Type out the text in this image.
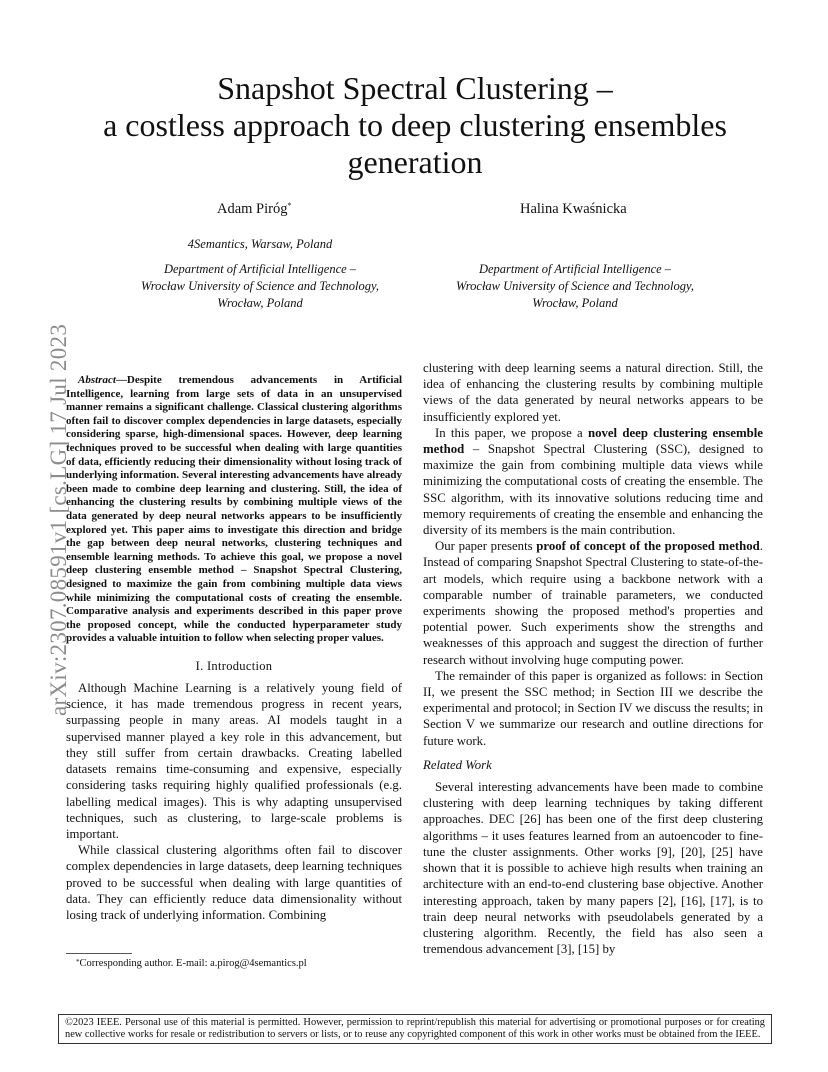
arXiv:2307.08591v1 [cs.LG] 17 Jul 2023
Snapshot Spectral Clustering –
a costless approach to deep clustering ensembles
generation
Adam Piróg*	Halina Kwaśnicka
4Semantics, Warsaw, Poland
Department of Artificial Intelligence –
Wrocław University of Science and Technology,
Wrocław, Poland
Department of Artificial Intelligence –
Wrocław University of Science and Technology,
Wrocław, Poland

Abstract—Despite tremendous advancements in Artificial Intelligence, learning from large sets of data in an unsupervised manner remains a significant challenge. Classical clustering algorithms often fail to discover complex dependencies in large datasets, especially considering sparse, high-dimensional spaces. However, deep learning techniques proved to be successful when dealing with large quantities of data, efficiently reducing their dimensionality without losing track of underlying information. Several interesting advancements have already been made to combine deep learning and clustering. Still, the idea of enhancing the clustering results by combining multiple views of the data generated by deep neural networks appears to be insufficiently explored yet. This paper aims to investigate this direction and bridge the gap between deep neural networks, clustering techniques and ensemble learning methods. To achieve this goal, we propose a novel deep clustering ensemble method – Snapshot Spectral Clustering, designed to maximize the gain from combining multiple data views while minimizing the computational costs of creating the ensemble. Comparative analysis and experiments described in this paper prove the proposed concept, while the conducted hyperparameter study provides a valuable intuition to follow when selecting proper values.

I. Introduction

Although Machine Learning is a relatively young field of science, it has made tremendous progress in recent years, surpassing people in many areas. AI models taught in a supervised manner played a key role in this advancement, but they still suffer from certain drawbacks. Creating labelled datasets remains time-consuming and expensive, especially considering tasks requiring highly qualified professionals (e.g. labelling medical images). This is why adapting unsupervised techniques, such as clustering, to large-scale problems is important.

While classical clustering algorithms often fail to discover complex dependencies in large datasets, deep learning techniques proved to be successful when dealing with large quantities of data. They can efficiently reduce data dimensionality without losing track of underlying information. Combining

clustering with deep learning seems a natural direction. Still, the idea of enhancing the clustering results by combining multiple views of the data generated by neural networks appears to be insufficiently explored yet.

In this paper, we propose a novel deep clustering ensemble method – Snapshot Spectral Clustering (SSC), designed to maximize the gain from combining multiple data views while minimizing the computational costs of creating the ensemble. The SSC algorithm, with its innovative solutions reducing time and memory requirements of creating the ensemble and enhancing the diversity of its members is the main contribution.

Our paper presents proof of concept of the proposed method. Instead of comparing Snapshot Spectral Clustering to state-of-the-art models, which require using a backbone network with a comparable number of trainable parameters, we conducted experiments showing the proposed method's properties and potential power. Such experiments show the strengths and weaknesses of this approach and suggest the direction of further research without involving huge computing power.

The remainder of this paper is organized as follows: in Section II, we present the SSC method; in Section III we describe the experimental and protocol; in Section IV we discuss the results; in Section V we summarize our research and outline directions for future work.

Related Work

Several interesting advancements have been made to combine clustering with deep learning techniques by taking different approaches. DEC [26] has been one of the first deep clustering algorithms – it uses features learned from an autoencoder to fine-tune the cluster assignments. Other works [9], [20], [25] have shown that it is possible to achieve high results when training an architecture with an end-to-end clustering base objective. Another interesting approach, taken by many papers [2], [16], [17], is to train deep neural networks with pseudolabels generated by a clustering algorithm. Recently, the field has also seen a tremendous advancement [3], [15] by

*Corresponding author. E-mail: a.pirog@4semantics.pl
©2023 IEEE. Personal use of this material is permitted. However, permission to reprint/republish this material for advertising or promotional purposes or for creating new collective works for resale or redistribution to servers or lists, or to reuse any copyrighted component of this work in other works must be obtained from the IEEE.
